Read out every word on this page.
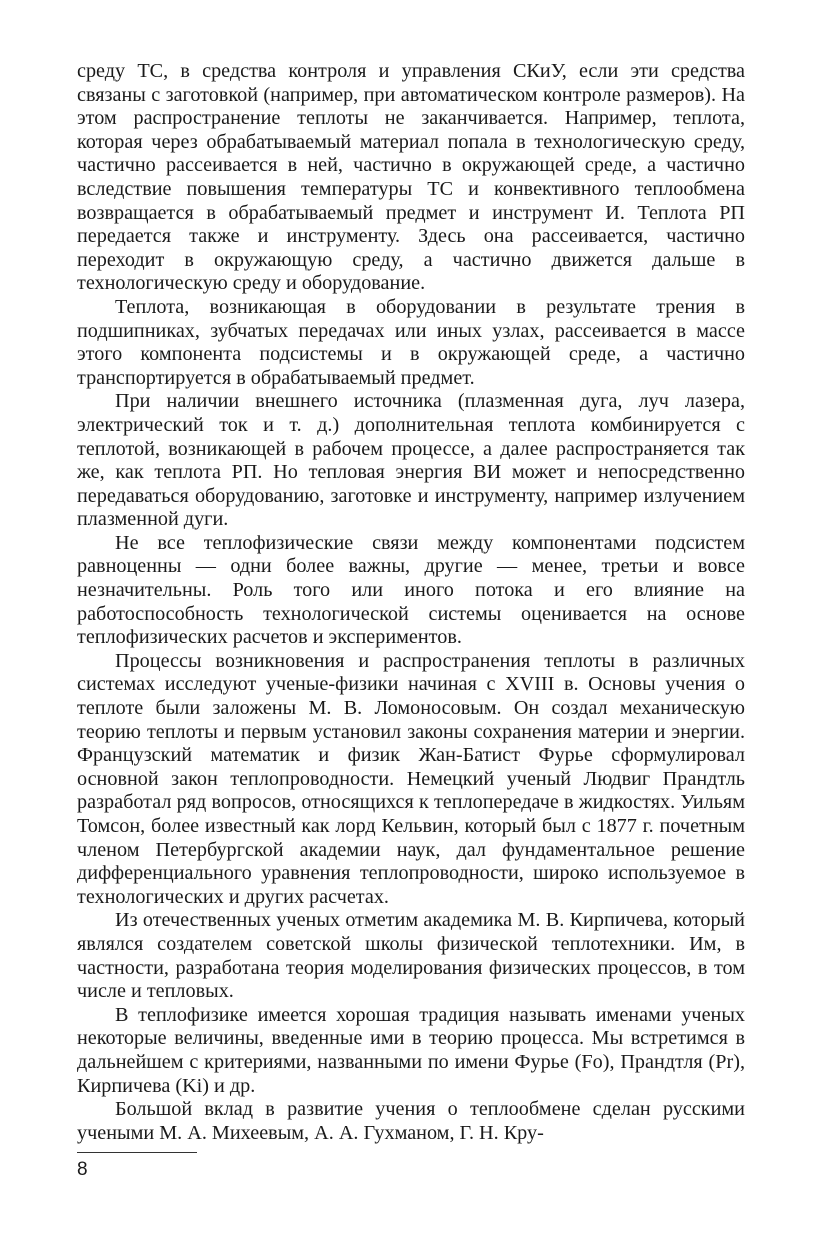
среду ТС, в средства контроля и управления СКиУ, если эти средства связаны с заготовкой (например, при автоматическом контроле размеров). На этом распространение теплоты не заканчивается. Например, теплота, которая через обрабатываемый материал попала в технологическую среду, частично рассеивается в ней, частично в окружающей среде, а частично вследствие повышения температуры ТС и конвективного теплообмена возвращается в обрабатываемый предмет и инструмент И. Теплота РП передается также и инструменту. Здесь она рассеивается, частично переходит в окружающую среду, а частично движется дальше в технологическую среду и оборудование.

Теплота, возникающая в оборудовании в результате трения в подшипниках, зубчатых передачах или иных узлах, рассеивается в массе этого компонента подсистемы и в окружающей среде, а частично транспортируется в обрабатываемый предмет.

При наличии внешнего источника (плазменная дуга, луч лазера, электрический ток и т. д.) дополнительная теплота комбинируется с теплотой, возникающей в рабочем процессе, а далее распространяется так же, как теплота РП. Но тепловая энергия ВИ может и непосредственно передаваться оборудованию, заготовке и инструменту, например излучением плазменной дуги.

Не все теплофизические связи между компонентами подсистем равноценны — одни более важны, другие — менее, третьи и вовсе незначительны. Роль того или иного потока и его влияние на работоспособность технологической системы оценивается на основе теплофизических расчетов и экспериментов.

Процессы возникновения и распространения теплоты в различных системах исследуют ученые-физики начиная с XVIII в. Основы учения о теплоте были заложены М. В. Ломоносовым. Он создал механическую теорию теплоты и первым установил законы сохранения материи и энергии. Французский математик и физик Жан-Батист Фурье сформулировал основной закон теплопроводности. Немецкий ученый Людвиг Прандтль разработал ряд вопросов, относящихся к теплопередаче в жидкостях. Уильям Томсон, более известный как лорд Кельвин, который был с 1877 г. почетным членом Петербургской академии наук, дал фундаментальное решение дифференциального уравнения теплопроводности, широко используемое в технологических и других расчетах.

Из отечественных ученых отметим академика М. В. Кирпичева, который являлся создателем советской школы физической теплотехники. Им, в частности, разработана теория моделирования физических процессов, в том числе и тепловых.

В теплофизике имеется хорошая традиция называть именами ученых некоторые величины, введенные ими в теорию процесса. Мы встретимся в дальнейшем с критериями, названными по имени Фурье (Fo), Прандтля (Pr), Кирпичева (Ki) и др.

Большой вклад в развитие учения о теплообмене сделан русскими учеными М. А. Михеевым, А. А. Гухманом, Г. Н. Кру-

8
